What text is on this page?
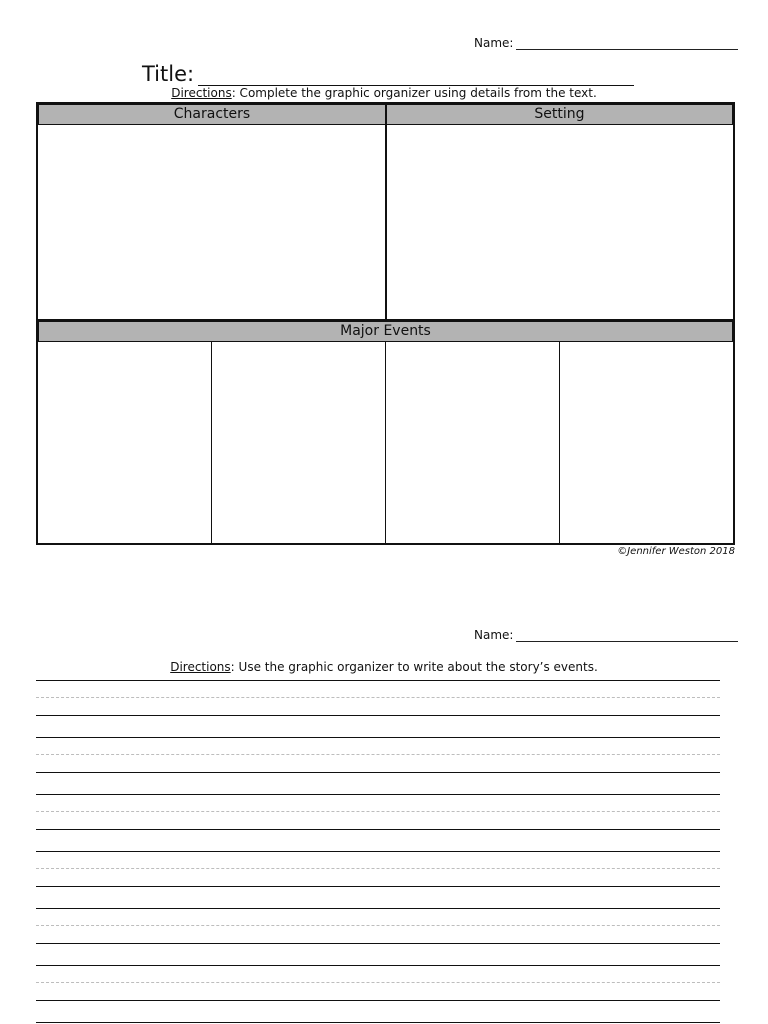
Name:
Title:
Directions: Complete the graphic organizer using details from the text.
Characters	Setting
Major Events
©Jennifer Weston 2018
Name:
Directions: Use the graphic organizer to write about the story’s events.
